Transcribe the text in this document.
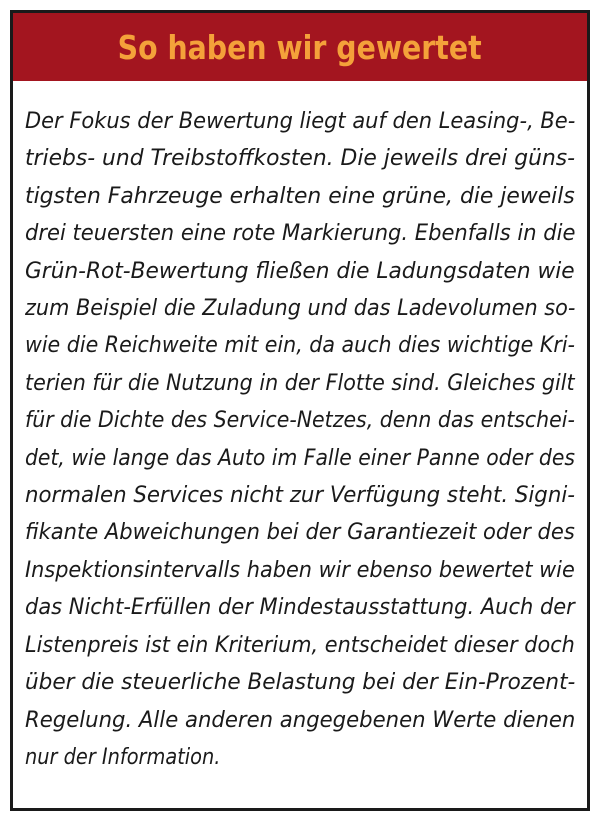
So haben wir gewertet
Der Fokus der Bewertung liegt auf den Leasing-, Be-
triebs- und Treibstoffkosten. Die jeweils drei güns-
tigsten Fahrzeuge erhalten eine grüne, die jeweils
drei teuersten eine rote Markierung. Ebenfalls in die
Grün-Rot-Bewertung fließen die Ladungsdaten wie
zum Beispiel die Zuladung und das Ladevolumen so-
wie die Reichweite mit ein, da auch dies wichtige Kri-
terien für die Nutzung in der Flotte sind. Gleiches gilt
für die Dichte des Service-Netzes, denn das entschei-
det, wie lange das Auto im Falle einer Panne oder des
normalen Services nicht zur Verfügung steht. Signi-
fikante Abweichungen bei der Garantiezeit oder des
Inspektionsintervalls haben wir ebenso bewertet wie
das Nicht-Erfüllen der Mindestausstattung. Auch der
Listenpreis ist ein Kriterium, entscheidet dieser doch
über die steuerliche Belastung bei der Ein-Prozent-
Regelung. Alle anderen angegebenen Werte dienen
nur der Information.
